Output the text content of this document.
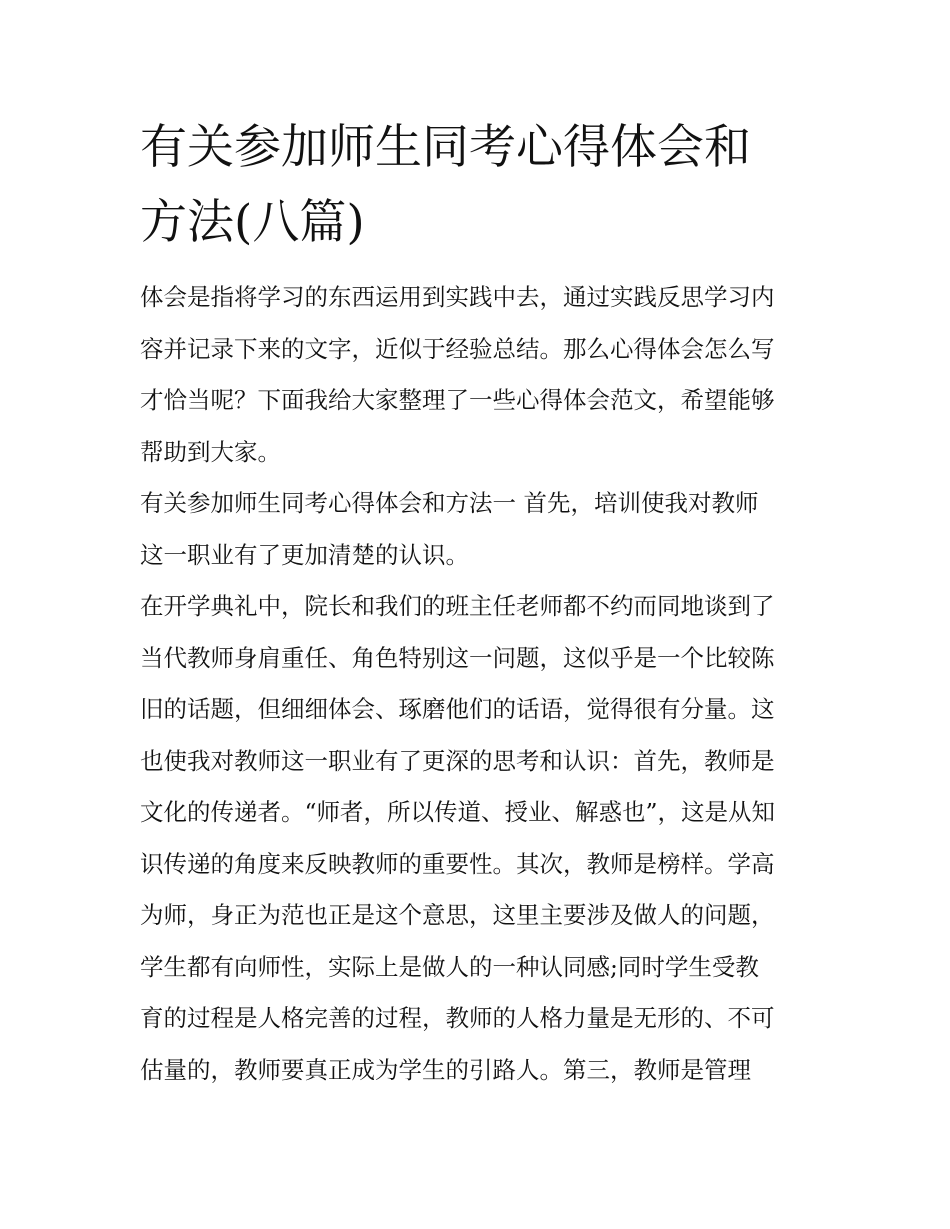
有关参加师生同考心得体会和
方法(八篇)

体会是指将学习的东西运用到实践中去，通过实践反思学习内
容并记录下来的文字，近似于经验总结。那么心得体会怎么写
才恰当呢？下面我给大家整理了一些心得体会范文，希望能够
帮助到大家。

有关参加师生同考心得体会和方法一 首先，培训使我对教师
这一职业有了更加清楚的认识。

在开学典礼中，院长和我们的班主任老师都不约而同地谈到了
当代教师身肩重任、角色特别这一问题，这似乎是一个比较陈
旧的话题，但细细体会、琢磨他们的话语，觉得很有分量。这
也使我对教师这一职业有了更深的思考和认识：首先，教师是
文化的传递者。“师者，所以传道、授业、解惑也”，这是从知
识传递的角度来反映教师的重要性。其次，教师是榜样。学高
为师，身正为范也正是这个意思，这里主要涉及做人的问题，
学生都有向师性，实际上是做人的一种认同感;同时学生受教
育的过程是人格完善的过程，教师的人格力量是无形的、不可
估量的，教师要真正成为学生的引路人。第三，教师是管理
